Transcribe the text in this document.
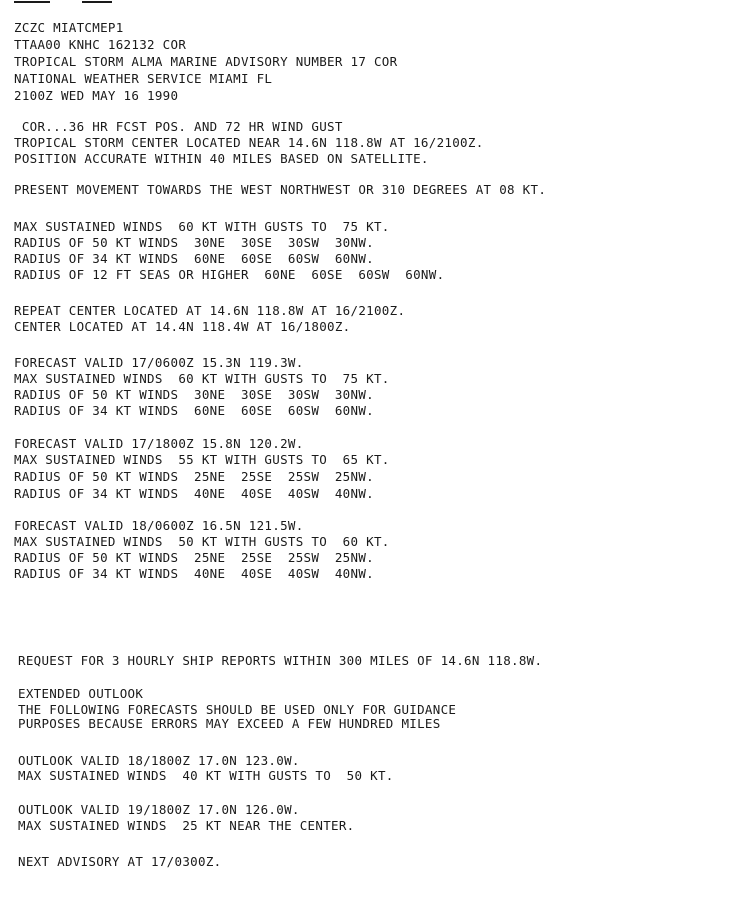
ZCZC MIATCMEP1
TTAA00 KNHC 162132 COR
TROPICAL STORM ALMA MARINE ADVISORY NUMBER 17 COR
NATIONAL WEATHER SERVICE MIAMI FL
2100Z WED MAY 16 1990
COR...36 HR FCST POS. AND 72 HR WIND GUST
TROPICAL STORM CENTER LOCATED NEAR 14.6N 118.8W AT 16/2100Z.
POSITION ACCURATE WITHIN 40 MILES BASED ON SATELLITE.
PRESENT MOVEMENT TOWARDS THE WEST NORTHWEST OR 310 DEGREES AT 08 KT.
MAX SUSTAINED WINDS  60 KT WITH GUSTS TO  75 KT.
RADIUS OF 50 KT WINDS  30NE  30SE  30SW  30NW.
RADIUS OF 34 KT WINDS  60NE  60SE  60SW  60NW.
RADIUS OF 12 FT SEAS OR HIGHER  60NE  60SE  60SW  60NW.
REPEAT CENTER LOCATED AT 14.6N 118.8W AT 16/2100Z.
CENTER LOCATED AT 14.4N 118.4W AT 16/1800Z.
FORECAST VALID 17/0600Z 15.3N 119.3W.
MAX SUSTAINED WINDS  60 KT WITH GUSTS TO  75 KT.
RADIUS OF 50 KT WINDS  30NE  30SE  30SW  30NW.
RADIUS OF 34 KT WINDS  60NE  60SE  60SW  60NW.
FORECAST VALID 17/1800Z 15.8N 120.2W.
MAX SUSTAINED WINDS  55 KT WITH GUSTS TO  65 KT.
RADIUS OF 50 KT WINDS  25NE  25SE  25SW  25NW.
RADIUS OF 34 KT WINDS  40NE  40SE  40SW  40NW.
FORECAST VALID 18/0600Z 16.5N 121.5W.
MAX SUSTAINED WINDS  50 KT WITH GUSTS TO  60 KT.
RADIUS OF 50 KT WINDS  25NE  25SE  25SW  25NW.
RADIUS OF 34 KT WINDS  40NE  40SE  40SW  40NW.
REQUEST FOR 3 HOURLY SHIP REPORTS WITHIN 300 MILES OF 14.6N 118.8W.
EXTENDED OUTLOOK
THE FOLLOWING FORECASTS SHOULD BE USED ONLY FOR GUIDANCE
PURPOSES BECAUSE ERRORS MAY EXCEED A FEW HUNDRED MILES
OUTLOOK VALID 18/1800Z 17.0N 123.0W.
MAX SUSTAINED WINDS  40 KT WITH GUSTS TO  50 KT.
OUTLOOK VALID 19/1800Z 17.0N 126.0W.
MAX SUSTAINED WINDS  25 KT NEAR THE CENTER.
NEXT ADVISORY AT 17/0300Z.
